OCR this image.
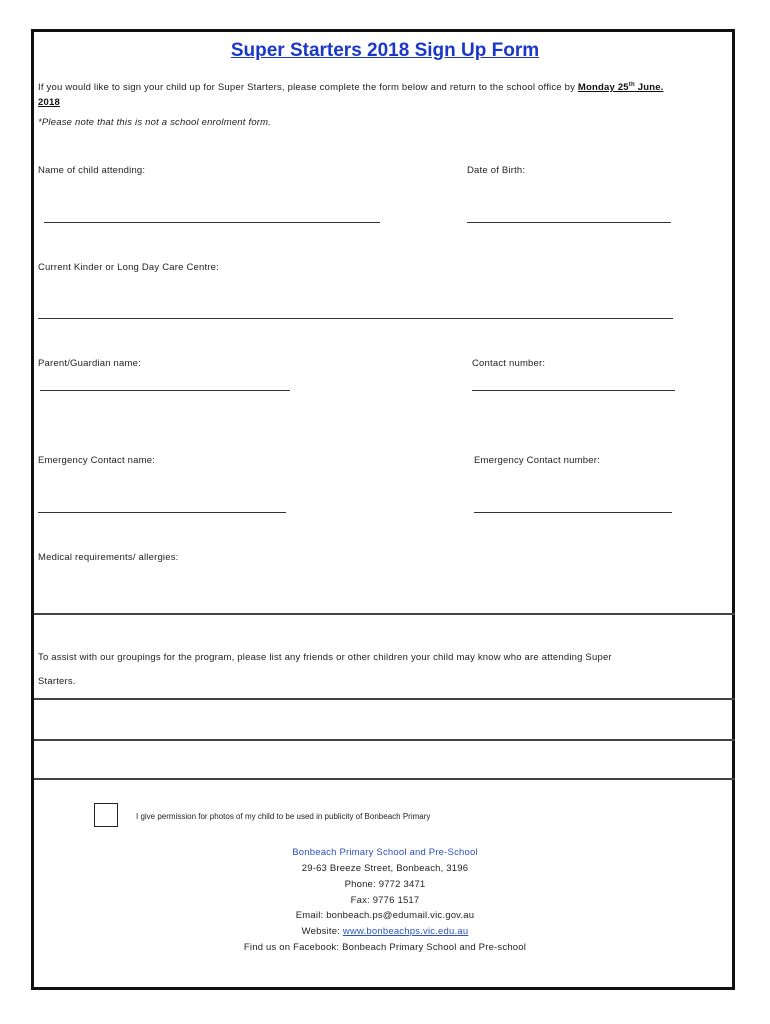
Super Starters 2018 Sign Up Form
If you would like to sign your child up for Super Starters, please complete the form below and return to the school office by Monday 25th June.
2018
*Please note that this is not a school enrolment form.
Name of child attending:	Date of Birth:
Current Kinder or Long Day Care Centre:
Parent/Guardian name:	Contact number:
Emergency Contact name:	Emergency Contact number:
Medical requirements/ allergies:
To assist with our groupings for the program, please list any friends or other children your child may know who are attending Super
Starters.
I give permission for photos of my child to be used in publicity of Bonbeach Primary
Bonbeach Primary School and Pre-School
29-63 Breeze Street, Bonbeach, 3196
Phone: 9772 3471
Fax: 9776 1517
Email: bonbeach.ps@edumail.vic.gov.au
Website: www.bonbeachps.vic.edu.au
Find us on Facebook: Bonbeach Primary School and Pre-school
